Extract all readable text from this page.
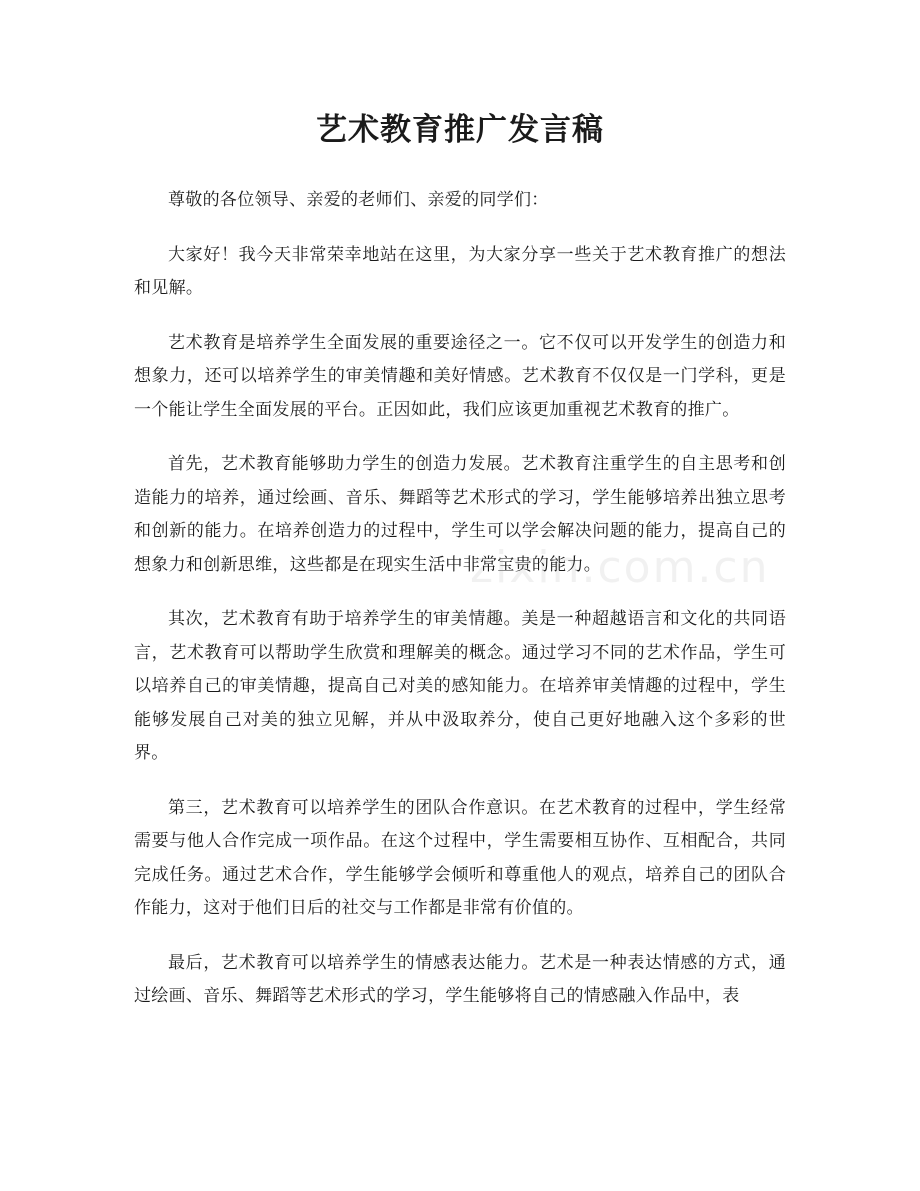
艺术教育推广发言稿

尊敬的各位领导、亲爱的老师们、亲爱的同学们：

大家好！我今天非常荣幸地站在这里，为大家分享一些关于艺术教育推广的想法和见解。

艺术教育是培养学生全面发展的重要途径之一。它不仅可以开发学生的创造力和想象力，还可以培养学生的审美情趣和美好情感。艺术教育不仅仅是一门学科，更是一个能让学生全面发展的平台。正因如此，我们应该更加重视艺术教育的推广。

首先，艺术教育能够助力学生的创造力发展。艺术教育注重学生的自主思考和创造能力的培养，通过绘画、音乐、舞蹈等艺术形式的学习，学生能够培养出独立思考和创新的能力。在培养创造力的过程中，学生可以学会解决问题的能力，提高自己的想象力和创新思维，这些都是在现实生活中非常宝贵的能力。

其次，艺术教育有助于培养学生的审美情趣。美是一种超越语言和文化的共同语言，艺术教育可以帮助学生欣赏和理解美的概念。通过学习不同的艺术作品，学生可以培养自己的审美情趣，提高自己对美的感知能力。在培养审美情趣的过程中，学生能够发展自己对美的独立见解，并从中汲取养分，使自己更好地融入这个多彩的世界。

第三，艺术教育可以培养学生的团队合作意识。在艺术教育的过程中，学生经常需要与他人合作完成一项作品。在这个过程中，学生需要相互协作、互相配合，共同完成任务。通过艺术合作，学生能够学会倾听和尊重他人的观点，培养自己的团队合作能力，这对于他们日后的社交与工作都是非常有价值的。

最后，艺术教育可以培养学生的情感表达能力。艺术是一种表达情感的方式，通过绘画、音乐、舞蹈等艺术形式的学习，学生能够将自己的情感融入作品中，表

zixin.com.cn
